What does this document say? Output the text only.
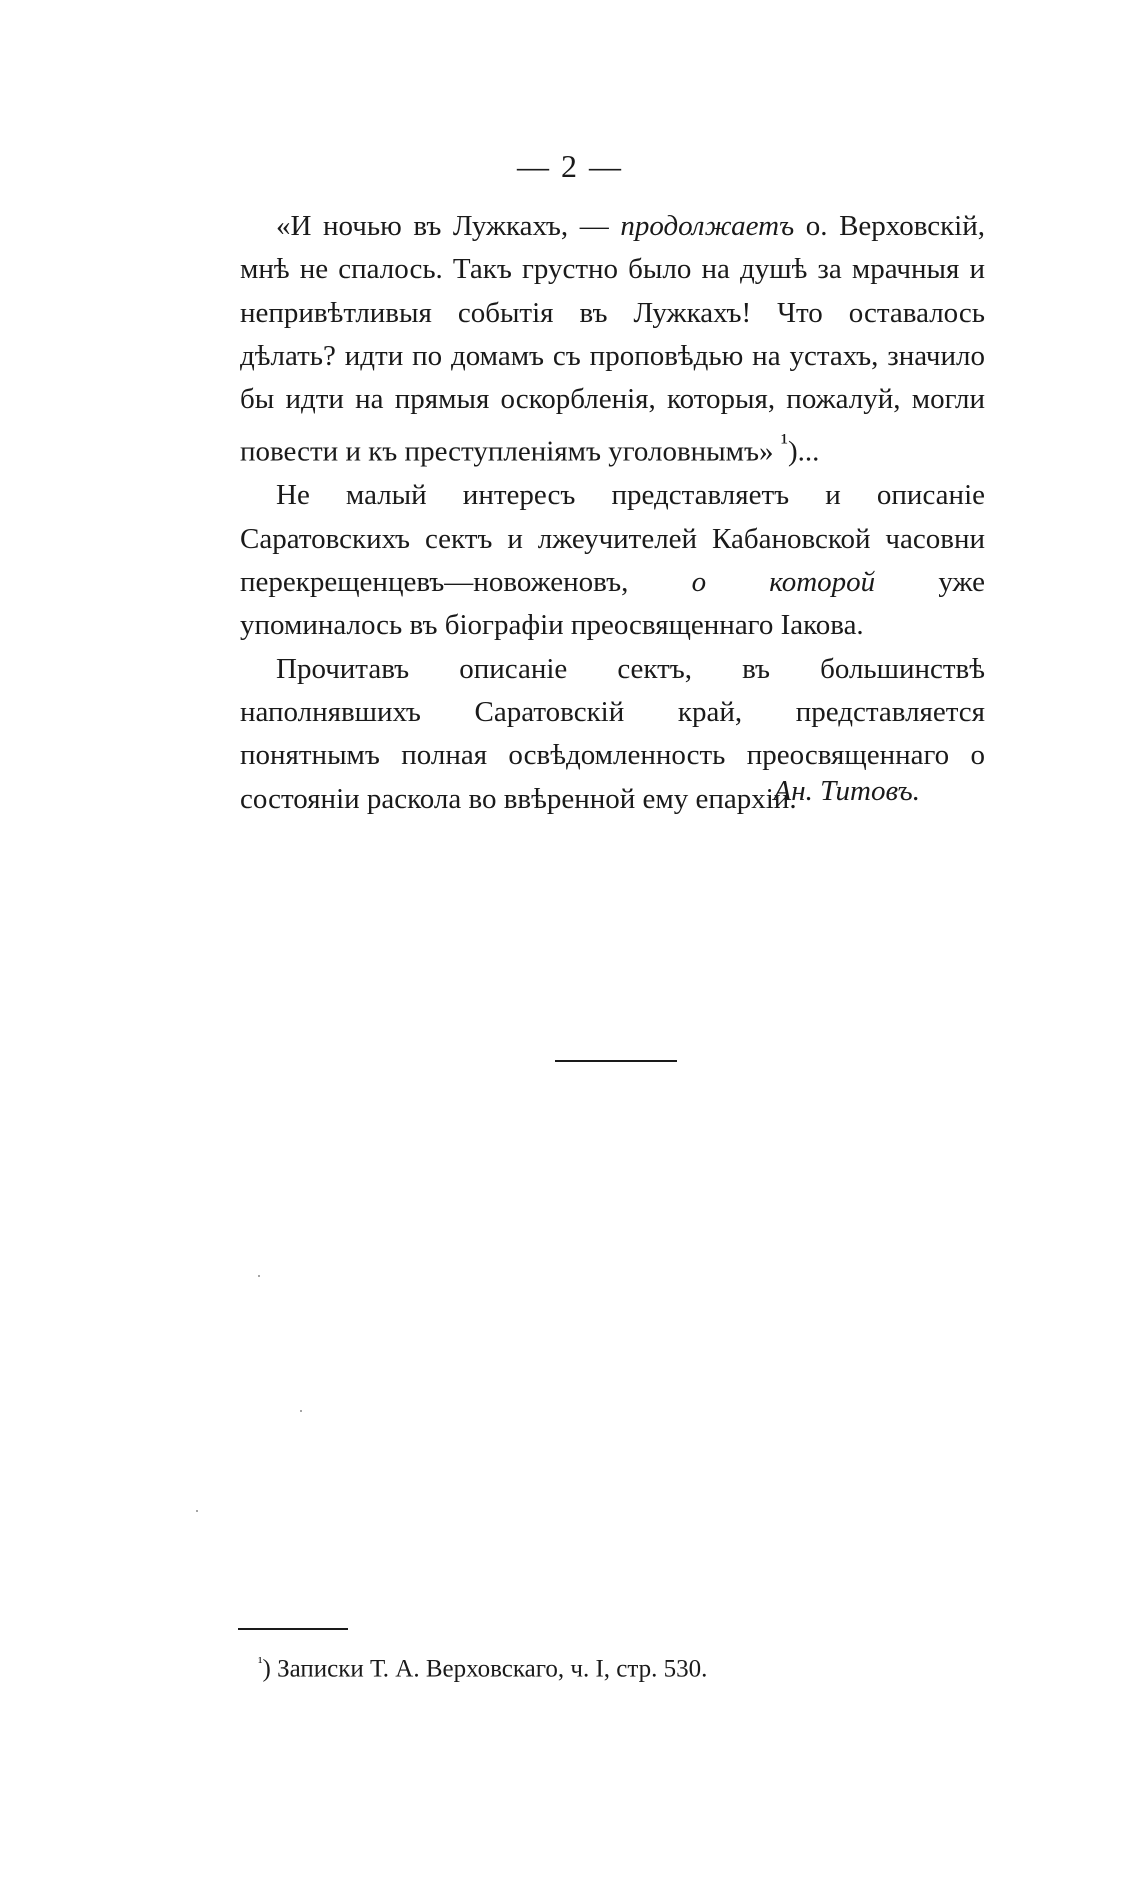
— 2 —

«И ночью въ Лужкахъ, — продолжаетъ о. Верховскій, мнѣ не спалось. Такъ грустно было на душѣ за мрачныя и непривѣтливыя событія въ Лужкахъ! Что оставалось дѣлать? идти по домамъ съ проповѣдью на устахъ, значило бы идти на прямыя оскорбленія, которыя, пожалуй, могли повести и къ преступленіямъ уголовнымъ» $^{^1}$)...

Не малый интересъ представляетъ и описаніе Саратовскихъ сектъ и лжеучителей Кабановской часовни перекрещенцевъ—новоженовъ, о которой уже упоминалось въ біографіи преосвященнаго Іакова.

Прочитавъ описаніе сектъ, въ большинствѣ наполнявшихъ Саратовскій край, представляется понятнымъ полная освѣдомленность преосвященнаго о состояніи раскола во ввѣренной ему епархіи.

Ан. Титовъ.
$^{^1}$) Записки Т. А. Верховскаго, ч. I, стр. 530.
